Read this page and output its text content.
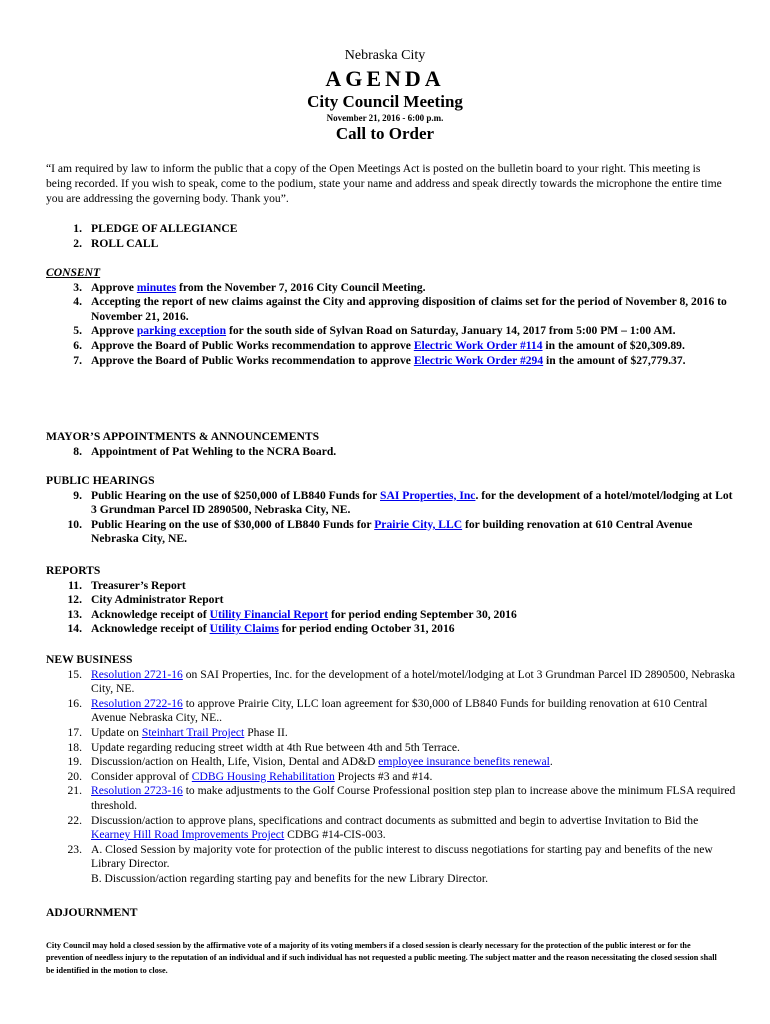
Nebraska City
AGENDA
City Council Meeting
November 21, 2016 - 6:00 p.m.
Call to Order
“I am required by law to inform the public that a copy of the Open Meetings Act is posted on the bulletin board to your right. This meeting is being recorded. If you wish to speak, come to the podium, state your name and address and speak directly towards the microphone the entire time you are addressing the governing body. Thank you”.
1. PLEDGE OF ALLEGIANCE
2. ROLL CALL
CONSENT
3. Approve minutes from the November 7, 2016 City Council Meeting.
4. Accepting the report of new claims against the City and approving disposition of claims set for the period of November 8, 2016 to November 21, 2016.
5. Approve parking exception for the south side of Sylvan Road on Saturday, January 14, 2017 from 5:00 PM – 1:00 AM.
6. Approve the Board of Public Works recommendation to approve Electric Work Order #114 in the amount of $20,309.89.
7. Approve the Board of Public Works recommendation to approve Electric Work Order #294 in the amount of $27,779.37.
MAYOR’S APPOINTMENTS & ANNOUNCEMENTS
8. Appointment of Pat Wehling to the NCRA Board.
PUBLIC HEARINGS
9. Public Hearing on the use of $250,000 of LB840 Funds for SAI Properties, Inc. for the development of a hotel/motel/lodging at Lot 3 Grundman Parcel ID 2890500, Nebraska City, NE.
10. Public Hearing on the use of $30,000 of LB840 Funds for Prairie City, LLC for building renovation at 610 Central Avenue Nebraska City, NE.
REPORTS
11. Treasurer’s Report
12. City Administrator Report
13. Acknowledge receipt of Utility Financial Report for period ending September 30, 2016
14. Acknowledge receipt of Utility Claims for period ending October 31, 2016
NEW BUSINESS
15. Resolution 2721-16 on SAI Properties, Inc. for the development of a hotel/motel/lodging at Lot 3 Grundman Parcel ID 2890500, Nebraska City, NE.
16. Resolution 2722-16 to approve Prairie City, LLC loan agreement for $30,000 of LB840 Funds for building renovation at 610 Central Avenue Nebraska City, NE..
17. Update on Steinhart Trail Project Phase II.
18. Update regarding reducing street width at 4th Rue between 4th and 5th Terrace.
19. Discussion/action on Health, Life, Vision, Dental and AD&D employee insurance benefits renewal.
20. Consider approval of CDBG Housing Rehabilitation Projects #3 and #14.
21. Resolution 2723-16 to make adjustments to the Golf Course Professional position step plan to increase above the minimum FLSA required threshold.
22. Discussion/action to approve plans, specifications and contract documents as submitted and begin to advertise Invitation to Bid the Kearney Hill Road Improvements Project CDBG #14-CIS-003.
23. A. Closed Session by majority vote for protection of the public interest to discuss negotiations for starting pay and benefits of the new Library Director.
B. Discussion/action regarding starting pay and benefits for the new Library Director.
ADJOURNMENT
City Council may hold a closed session by the affirmative vote of a majority of its voting members if a closed session is clearly necessary for the protection of the public interest or for the prevention of needless injury to the reputation of an individual and if such individual has not requested a public meeting. The subject matter and the reason necessitating the closed session shall be identified in the motion to close.
